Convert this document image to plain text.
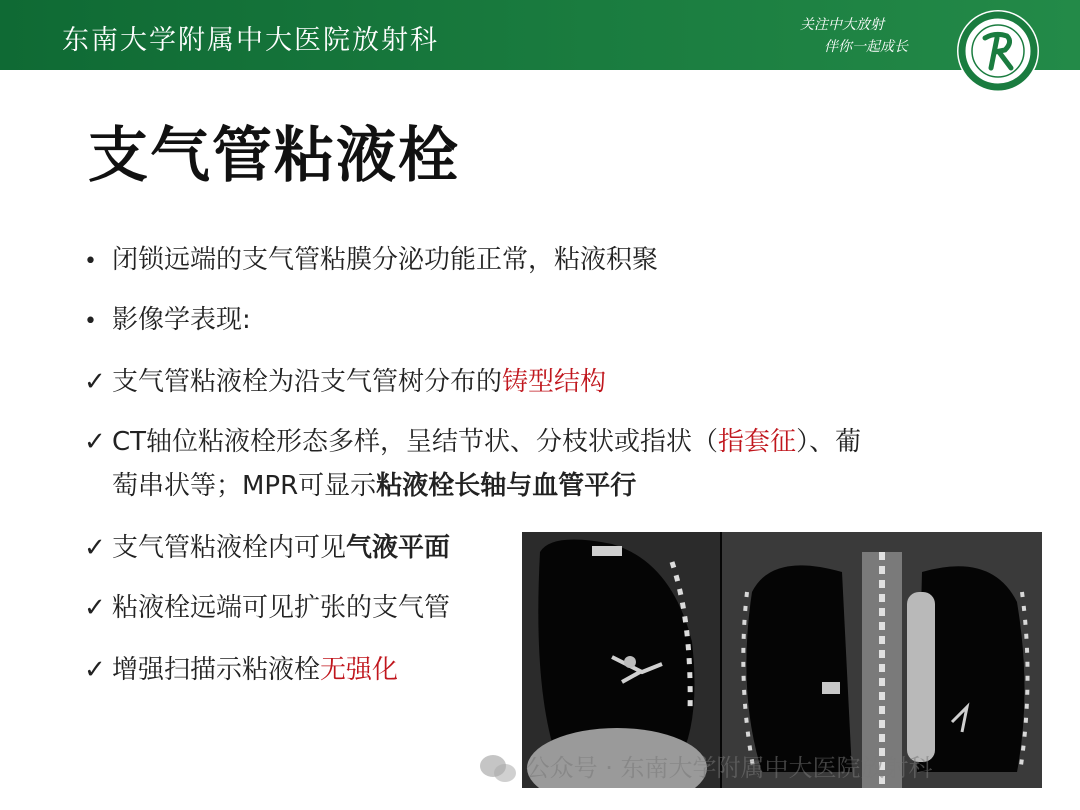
东南大学附属中大医院放射科	关注中大放射
伴你一起成长
支气管粘液栓
• 闭锁远端的支气管粘膜分泌功能正常，粘液积聚
• 影像学表现:
✓ 支气管粘液栓为沿支气管树分布的铸型结构
✓ CT轴位粘液栓形态多样，呈结节状、分枝状或指状（指套征）、葡
萄串状等；MPR可显示粘液栓长轴与血管平行
✓ 支气管粘液栓内可见气液平面
✓ 粘液栓远端可见扩张的支气管
✓ 增强扫描示粘液栓无强化
公众号 · 东南大学附属中大医院放射科
